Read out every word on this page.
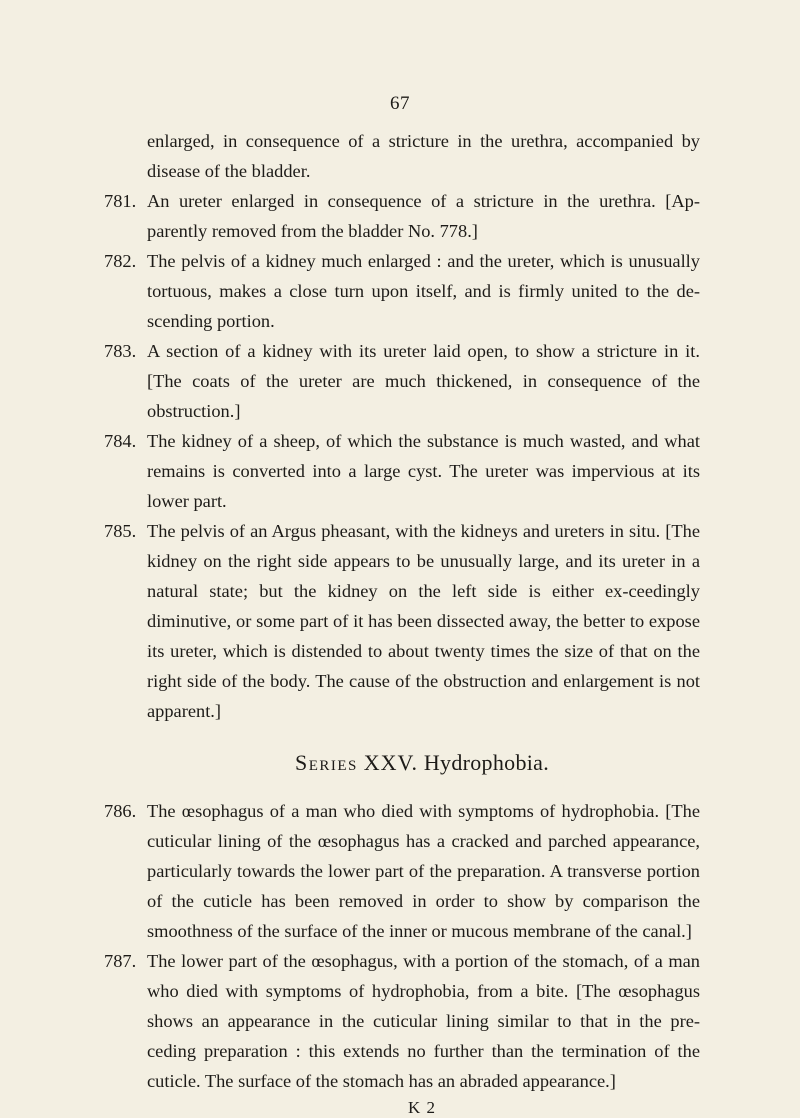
67

enlarged, in consequence of a stricture in the urethra, accompanied by disease of the bladder.

781. An ureter enlarged in consequence of a stricture in the urethra. [Ap-parently removed from the bladder No. 778.]
782. The pelvis of a kidney much enlarged : and the ureter, which is unusually tortuous, makes a close turn upon itself, and is firmly united to the de-scending portion.
783. A section of a kidney with its ureter laid open, to show a stricture in it. [The coats of the ureter are much thickened, in consequence of the obstruction.]
784. The kidney of a sheep, of which the substance is much wasted, and what remains is converted into a large cyst. The ureter was impervious at its lower part.
785. The pelvis of an Argus pheasant, with the kidneys and ureters in situ. [The kidney on the right side appears to be unusually large, and its ureter in a natural state; but the kidney on the left side is either ex-ceedingly diminutive, or some part of it has been dissected away, the better to expose its ureter, which is distended to about twenty times the size of that on the right side of the body. The cause of the obstruction and enlargement is not apparent.]
Series XXV. Hydrophobia.
786. The œsophagus of a man who died with symptoms of hydrophobia. [The cuticular lining of the œsophagus has a cracked and parched appearance, particularly towards the lower part of the preparation. A transverse portion of the cuticle has been removed in order to show by comparison the smoothness of the surface of the inner or mucous membrane of the canal.]
787. The lower part of the œsophagus, with a portion of the stomach, of a man who died with symptoms of hydrophobia, from a bite. [The œsophagus shows an appearance in the cuticular lining similar to that in the pre-ceding preparation : this extends no further than the termination of the cuticle. The surface of the stomach has an abraded appearance.]
K 2
